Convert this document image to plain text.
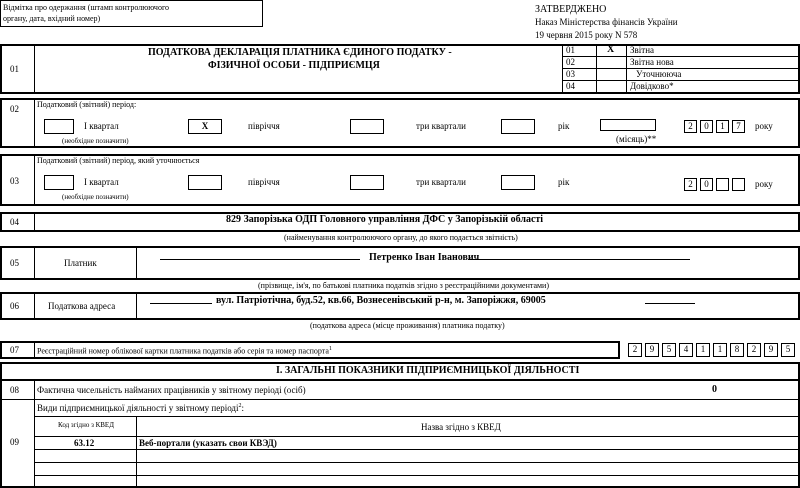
Відмітка про одержання (штамп контролюючого органу, дата, вхідний номер)
ЗАТВЕРДЖЕНО
Наказ Міністерства фінансів України
19 червня 2015 року N 578
01
ПОДАТКОВА ДЕКЛАРАЦІЯ ПЛАТНИКА ЄДИНОГО ПОДАТКУ -
ФІЗИЧНОЇ ОСОБИ - ПІДПРИЄМЦЯ
01	X Звітна
02	Звітна нова
03	Уточнююча
04	Довідково*
02 Податковий (звітний) період:
I квартал
(необхідне позначити)
X	півріччя	три квартали	рік
(місяць)**
2	0	1	7	року
03
Податковий (звітний) період, який уточнюється
I квартал
(необхідне позначити)
півріччя	три квартали	рік	2	0	року
04	829 Запорізька ОДП Головного управління ДФС у Запорізькій області
(найменування контролюючого органу, до якого подається звітність)
05	Платник	Петренко Іван Іванович
(прізвище, ім'я, по батькові платника податків згідно з реєстраційними документами)
06	Податкова адреса	вул. Патріотічна, буд.52, кв.66, Вознесенівський р-н, м. Запоріжжя, 69005
(податкова адреса (місце проживання) платника податку)
07 Реєстраційний номер облікової картки платника податків або серія та номер паспорта$^1$	2	9	5	4	1	1	8	2	9	5
I. ЗАГАЛЬНІ ПОКАЗНИКИ ПІДПРИЄМНИЦЬКОЇ ДІЯЛЬНОСТІ
08 Фактична чисельність найманих працівників у звітному періоді (осіб)	0
09
Види підприємницької діяльності у звітному періоді$^2$:
Код згідно з КВЕД	Назва згідно з КВЕД
63.12	Веб-портали (указать свои КВЭД)
